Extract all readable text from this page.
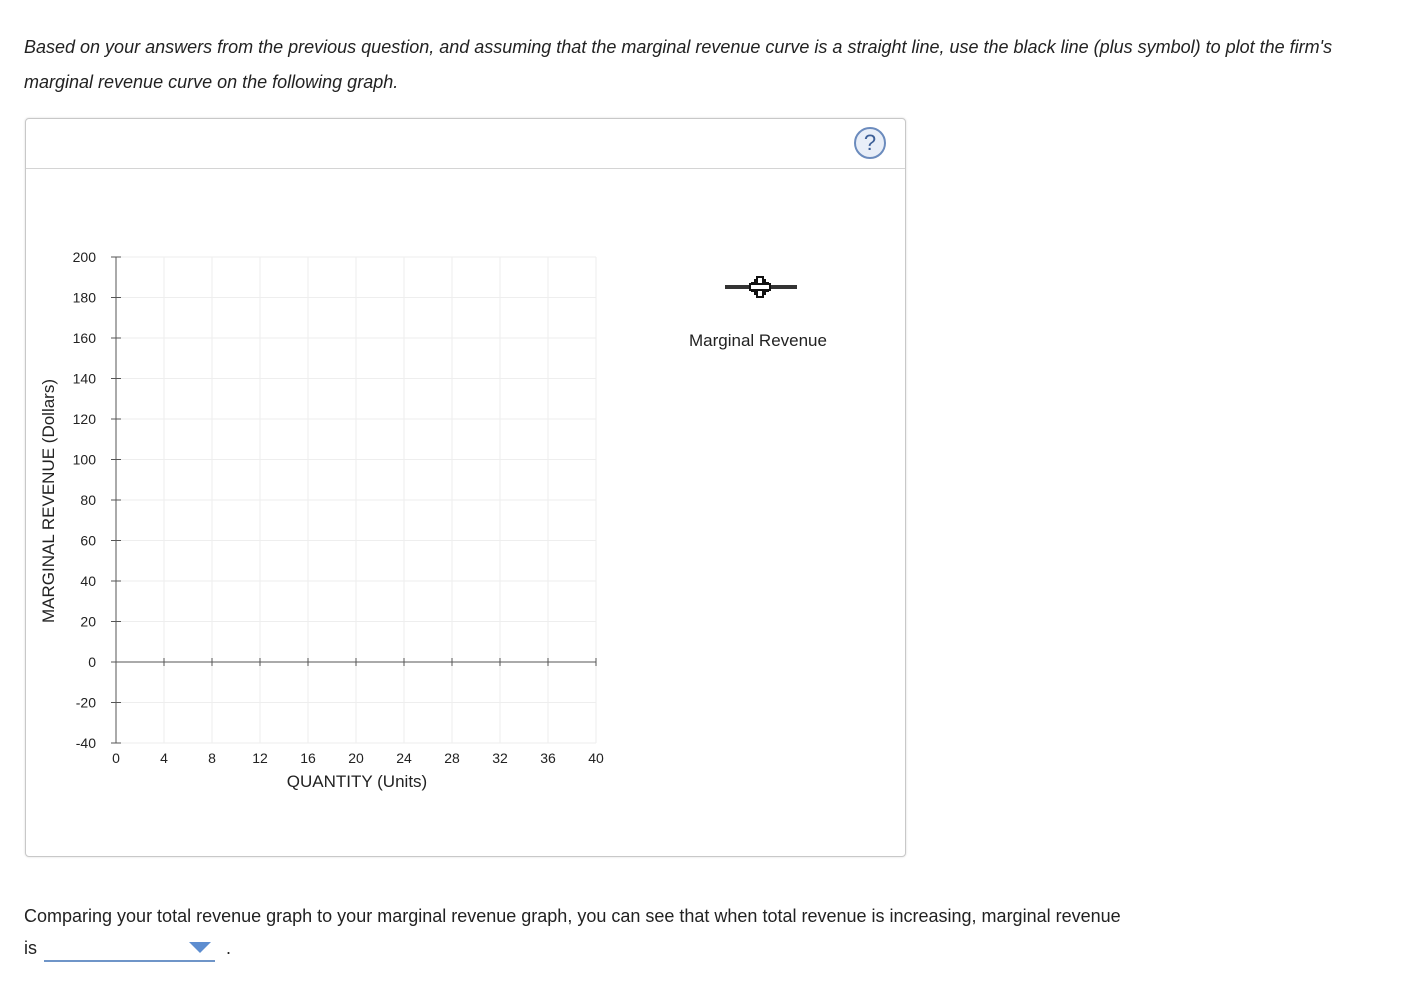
Based on your answers from the previous question, and assuming that the marginal revenue curve is a straight line, use the black line (plus symbol) to plot the firm's marginal revenue curve on the following graph.
?
200
180
160
140
120
100
80
60
40
20
0
-20
-40
0	4	8	12 16 20 24 28 32 36 40
QUANTITY (Units)
MARGINAL REVENUE (Dollars)
Marginal Revenue
Comparing your total revenue graph to your marginal revenue graph, you can see that when total revenue is increasing, marginal revenue
is	.
